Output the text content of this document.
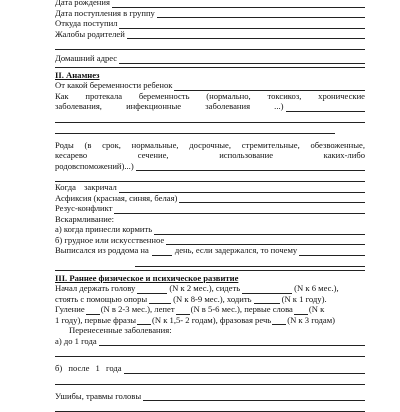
Дата рождения
Дата поступления в группу
Откуда поступил
Жалобы родителей
Домашний адрес
II. Анамнез
От какой беременности ребенок
Как протекала беременность (нормально, токсикоз, хронические
заболевания, инфекционные заболевания ...)
Роды (в срок, нормальные, досрочные, стремительные, обезвоженные,
кесарево сечение, использование каких-либо
родовспоможений)...)
Когда закричал
Асфиксия (красная, синяя, белая)
Резус-конфликт
Вскармливание:
а) когда принесли кормить
б) грудное или искусственное
Выписался из роддома на	день, если задержался, то почему
III. Раннее физическое и психическое развитие
Начал держать голову	(N к 2 мес.), сидеть	(N к 6 мес.),
стоять с помощью опоры	(N к 8-9 мес.), ходить	(N к 1 году).
Гуление (N в 2-3 мес.), лепет (N в 5-6 мес.), первые слова (N к
1 году), первые фразы (N к 1,5- 2 годам), фразовая речь (N к 3 годам)
Перенесенные заболевания:
а) до 1 года
б) после 1 года
Ушибы, травмы головы
